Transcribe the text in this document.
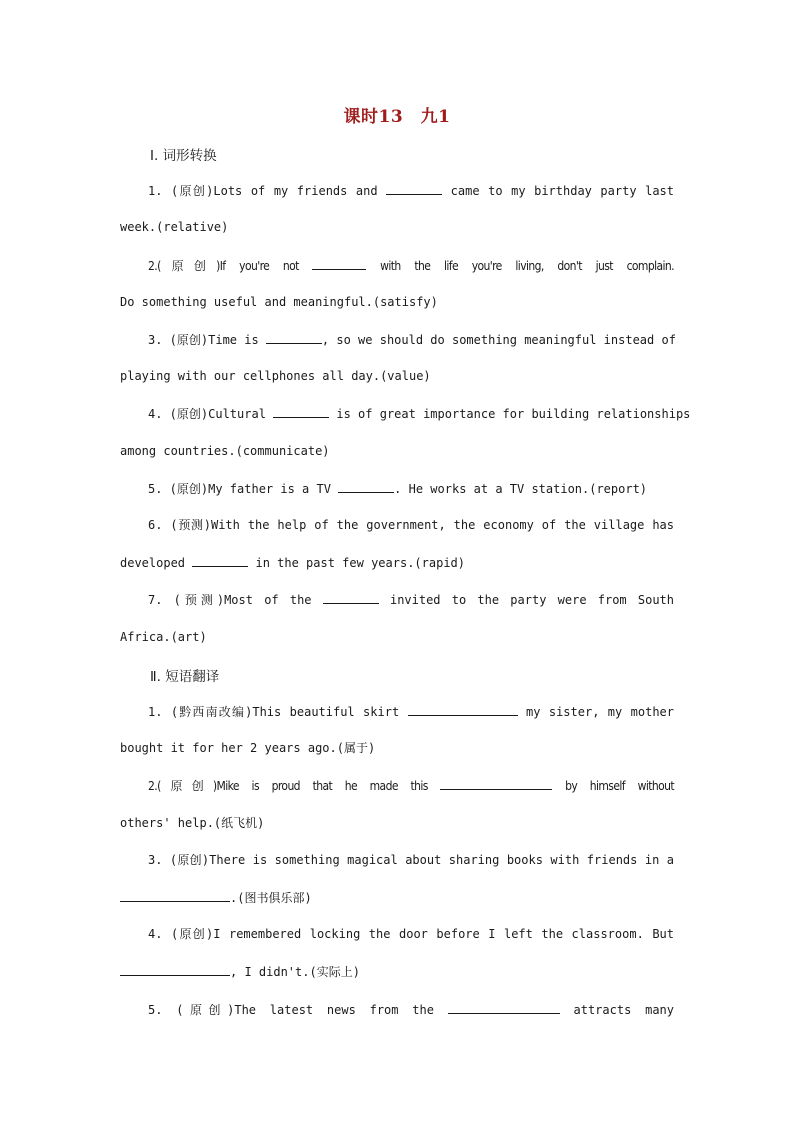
课时13　九1
Ⅰ. 词形转换
1. (原创)Lots of my friends and	came to my birthday party last
week.(relative)
2.(原创)If you're not	with the life you're living, don't just complain.
Do something useful and meaningful.(satisfy)
3. (原创)Time is	, so we should do something meaningful instead of
playing with our cellphones all day.(value)
4. (原创)Cultural	is of great importance for building relationships
among countries.(communicate)
5. (原创)My father is a TV	. He works at a TV station.(report)
6. (预测)With the help of the government, the economy of the village has
developed	in the past few years.(rapid)
7. (预测)Most of the	invited to the party were from South
Africa.(art)
Ⅱ. 短语翻译
1. (黔西南改编)This beautiful skirt	my sister, my mother
bought it for her 2 years ago.(属于)
2.(原创)Mike is proud that he made this	by himself without
others' help.(纸飞机)
3. (原创)There is something magical about sharing books with friends in a
.(图书俱乐部)
4. (原创)I remembered locking the door before I left the classroom. But
, I didn't.(实际上)
5. (原创)The latest news from the	attracts many
